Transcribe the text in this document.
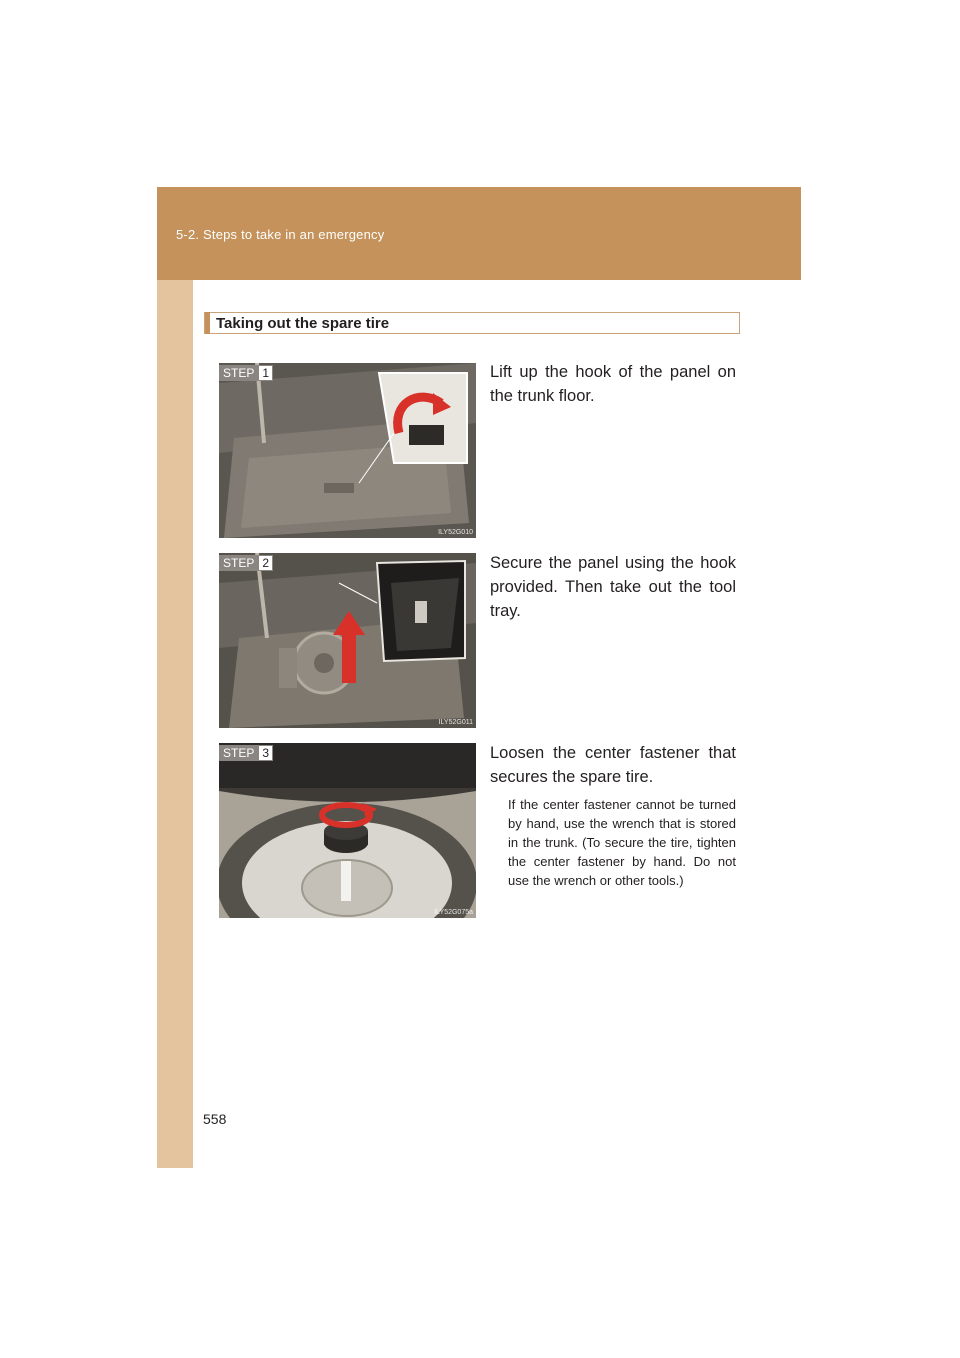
5-2. Steps to take in an emergency
Taking out the spare tire
ILY52G010
STEP 1	Lift up the hook of the panel on the trunk floor.
ILY52G011
STEP 2	Secure the panel using the hook provided. Then take out the tool tray.
ILY52G075a
STEP 3	Loosen the center fastener that secures the spare tire.
If the center fastener cannot be turned by hand, use the wrench that is stored in the trunk. (To secure the tire, tighten the center fastener by hand. Do not use the wrench or other tools.)
558
